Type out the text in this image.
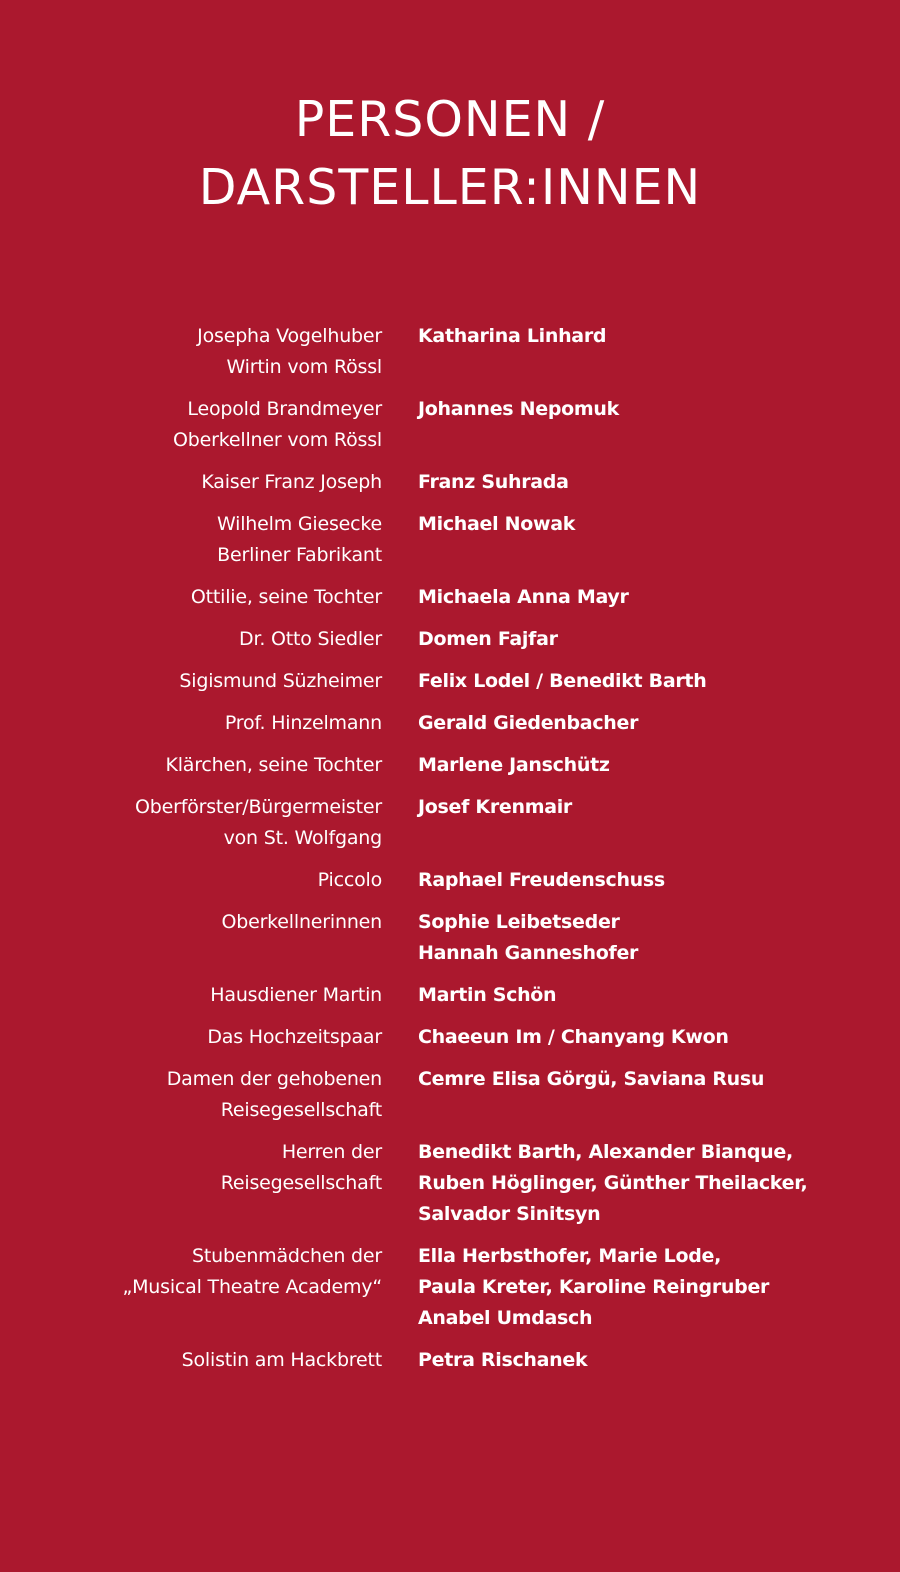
PERSONEN /
DARSTELLER:INNEN
Josepha Vogelhuber
Wirtin vom Rössl
Katharina Linhard
Leopold Brandmeyer
Oberkellner vom Rössl
Johannes Nepomuk
Kaiser Franz Joseph Franz Suhrada
Wilhelm Giesecke
Berliner Fabrikant
Michael Nowak
Ottilie, seine Tochter Michaela Anna Mayr
Dr. Otto Siedler Domen Fajfar
Sigismund Süzheimer Felix Lodel / Benedikt Barth
Prof. Hinzelmann Gerald Giedenbacher
Klärchen, seine Tochter Marlene Janschütz
Oberförster/Bürgermeister
von St. Wolfgang
Josef Krenmair
Piccolo Raphael Freudenschuss
Oberkellnerinnen Sophie Leibetseder
Hannah Ganneshofer
Hausdiener Martin Martin Schön
Das Hochzeitspaar Chaeeun Im / Chanyang Kwon
Damen der gehobenen
Reisegesellschaft
Cemre Elisa Görgü, Saviana Rusu
Herren der
Reisegesellschaft
Benedikt Barth, Alexander Bianque,
Ruben Höglinger, Günther Theilacker,
Salvador Sinitsyn
Stubenmädchen der
„Musical Theatre Academy“
Ella Herbsthofer, Marie Lode,
Paula Kreter, Karoline Reingruber
Anabel Umdasch
Solistin am Hackbrett Petra Rischanek
